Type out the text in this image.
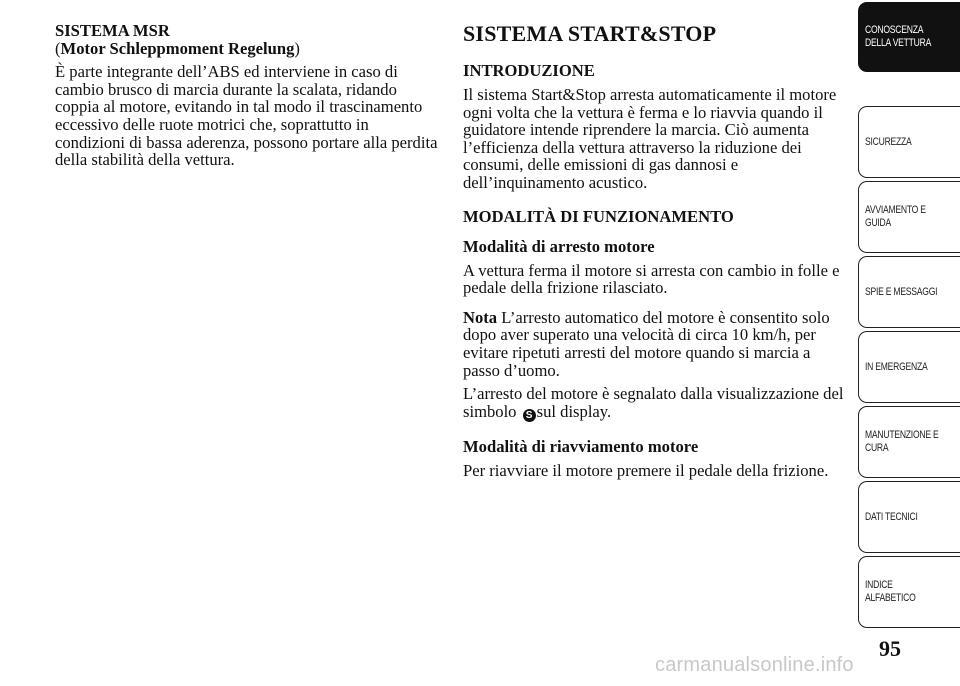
SISTEMA MSR

(Motor Schleppmoment Regelung)

È parte integrante dell’ABS ed interviene in caso di cambio brusco di marcia durante la scalata, ridando coppia al motore, evitando in tal modo il trascinamento eccessivo delle ruote motrici che, soprattutto in condizioni di bassa aderenza, possono portare alla perdita della stabilità della vettura.

SISTEMA START&STOP

INTRODUZIONE

Il sistema Start&Stop arresta automaticamente il motore ogni volta che la vettura è ferma e lo riavvia quando il guidatore intende riprendere la marcia. Ciò aumenta l’efficienza della vettura attraverso la riduzione dei consumi, delle emissioni di gas dannosi e dell’inquinamento acustico.

MODALITÀ DI FUNZIONAMENTO

Modalità di arresto motore

A vettura ferma il motore si arresta con cambio in folle e pedale della frizione rilasciato.

Nota L’arresto automatico del motore è consentito solo dopo aver superato una velocità di circa 10 km/h, per evitare ripetuti arresti del motore quando si marcia a passo d’uomo.

L’arresto del motore è segnalato dalla visualizzazione del simbolo S sul display.

Modalità di riavviamento motore

Per riavviare il motore premere il pedale della frizione.

CONOSCENZA
DELLA VETTURA
SICUREZZA
AVVIAMENTO E
GUIDA
SPIE E MESSAGGI
IN EMERGENZA
MANUTENZIONE E
CURA
DATI TECNICI
INDICE
ALFABETICO
95
carmanualsonline.info
